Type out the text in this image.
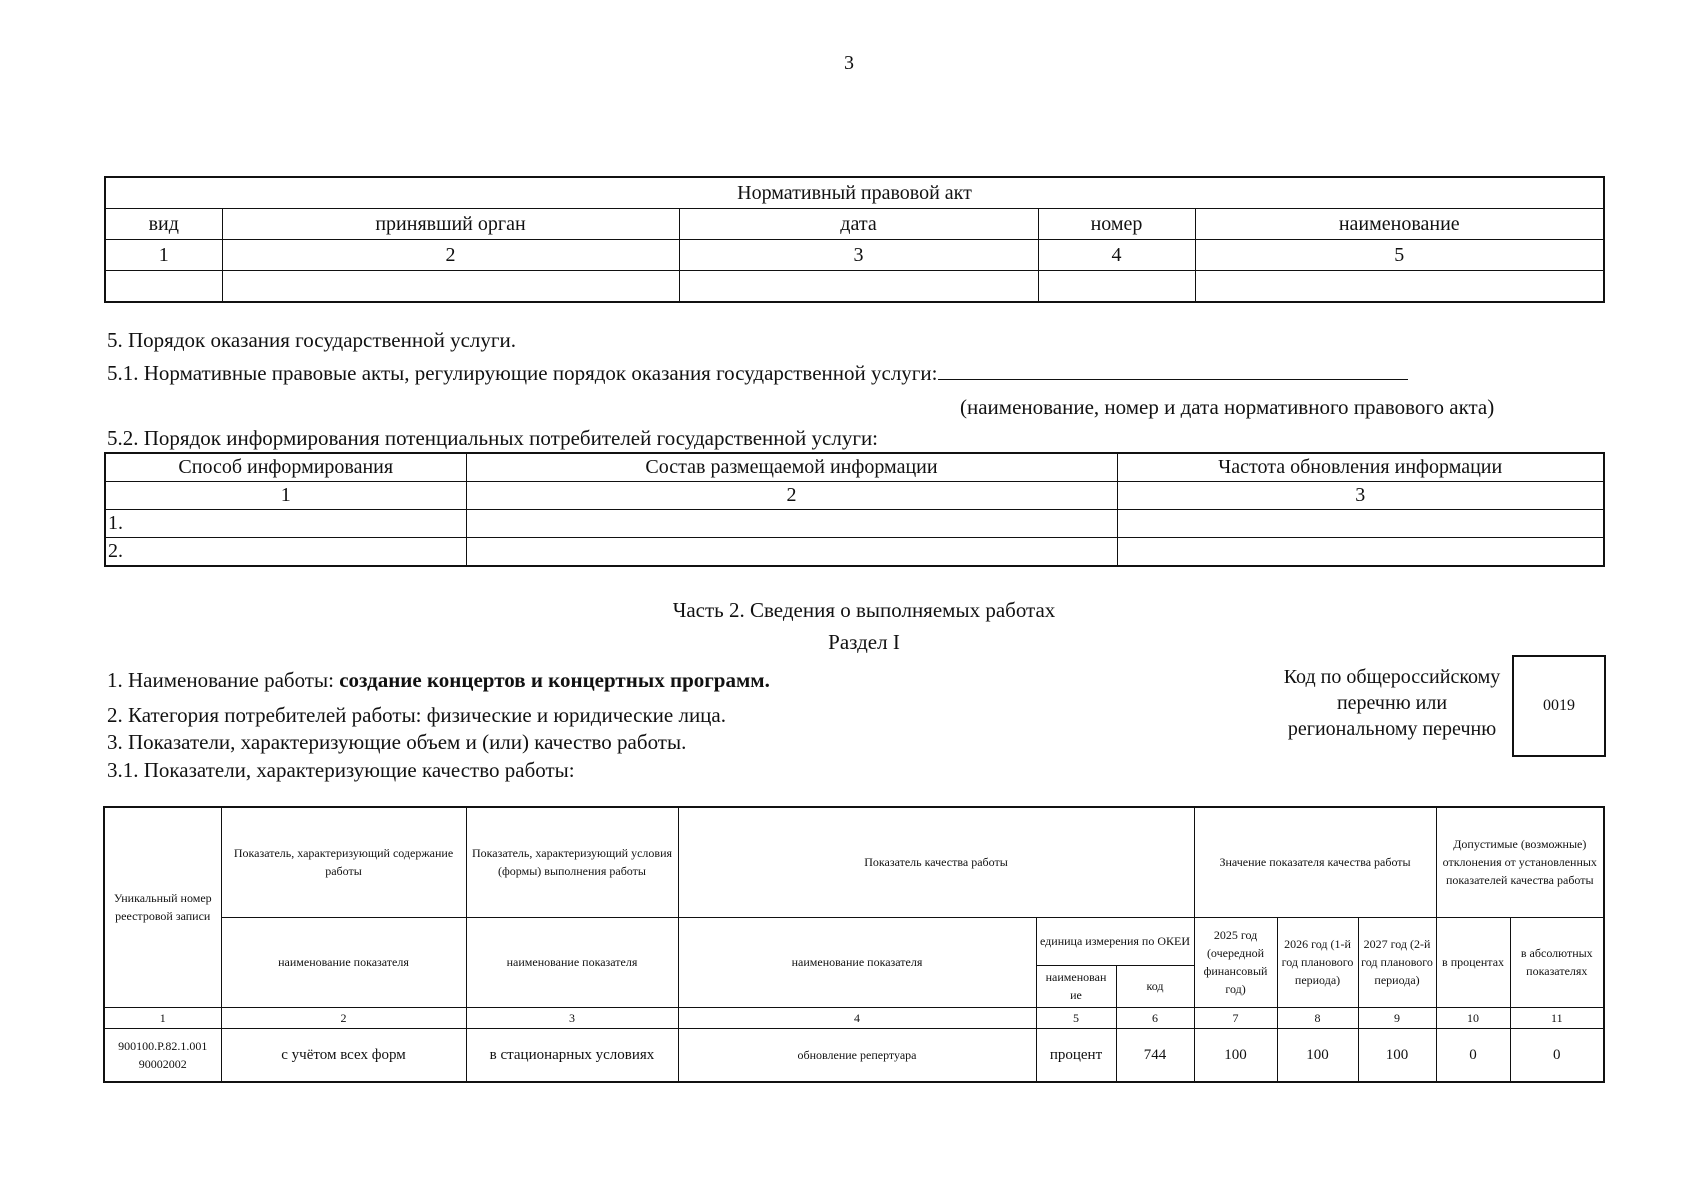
3
Нормативный правовой акт				
вид	принявший орган	дата	номер	наименование
1	2	3	4	5

5. Порядок оказания государственной услуги.
5.1. Нормативные правовые акты, регулирующие порядок оказания государственной услуги:
(наименование, номер и дата нормативного правового акта)
5.2. Порядок информирования потенциальных потребителей государственной услуги:
Способ информирования	Состав размещаемой информации	Частота обновления информации
1	2	3
1.		
2.		
Часть 2. Сведения о выполняемых работах
Раздел I
1. Наименование работы: создание концертов и концертных программ.
2. Категория потребителей работы: физические и юридические лица.
3. Показатели, характеризующие объем и (или) качество работы.
3.1. Показатели, характеризующие качество работы:
Код по общероссийскому
перечню или
региональному перечню
0019
Уникальный номер реестровой записи	Показатель, характеризующий содержание работы	Показатель, характеризующий условия (формы) выполнения работы	Показатель качества работы			Значение показателя качества работы			Допустимые (возможные) отклонения от установленных показателей качества работы	
	наименование показателя	наименование показателя	наименование показателя	единица измерения по ОКЕИ		2025 год (очередной финансовый год)	2026 год (1-й год планового периода)	2027 год (2-й год планового периода)	в процентах	в абсолютных показателях
				наименован ие	код					
1	2	3	4	5	6	7	8	9	10	11
900100.Р.82.1.001 90002002	с учётом всех форм	в стационарных условиях	обновление репертуара	процент	744	100	100	100	0	0
